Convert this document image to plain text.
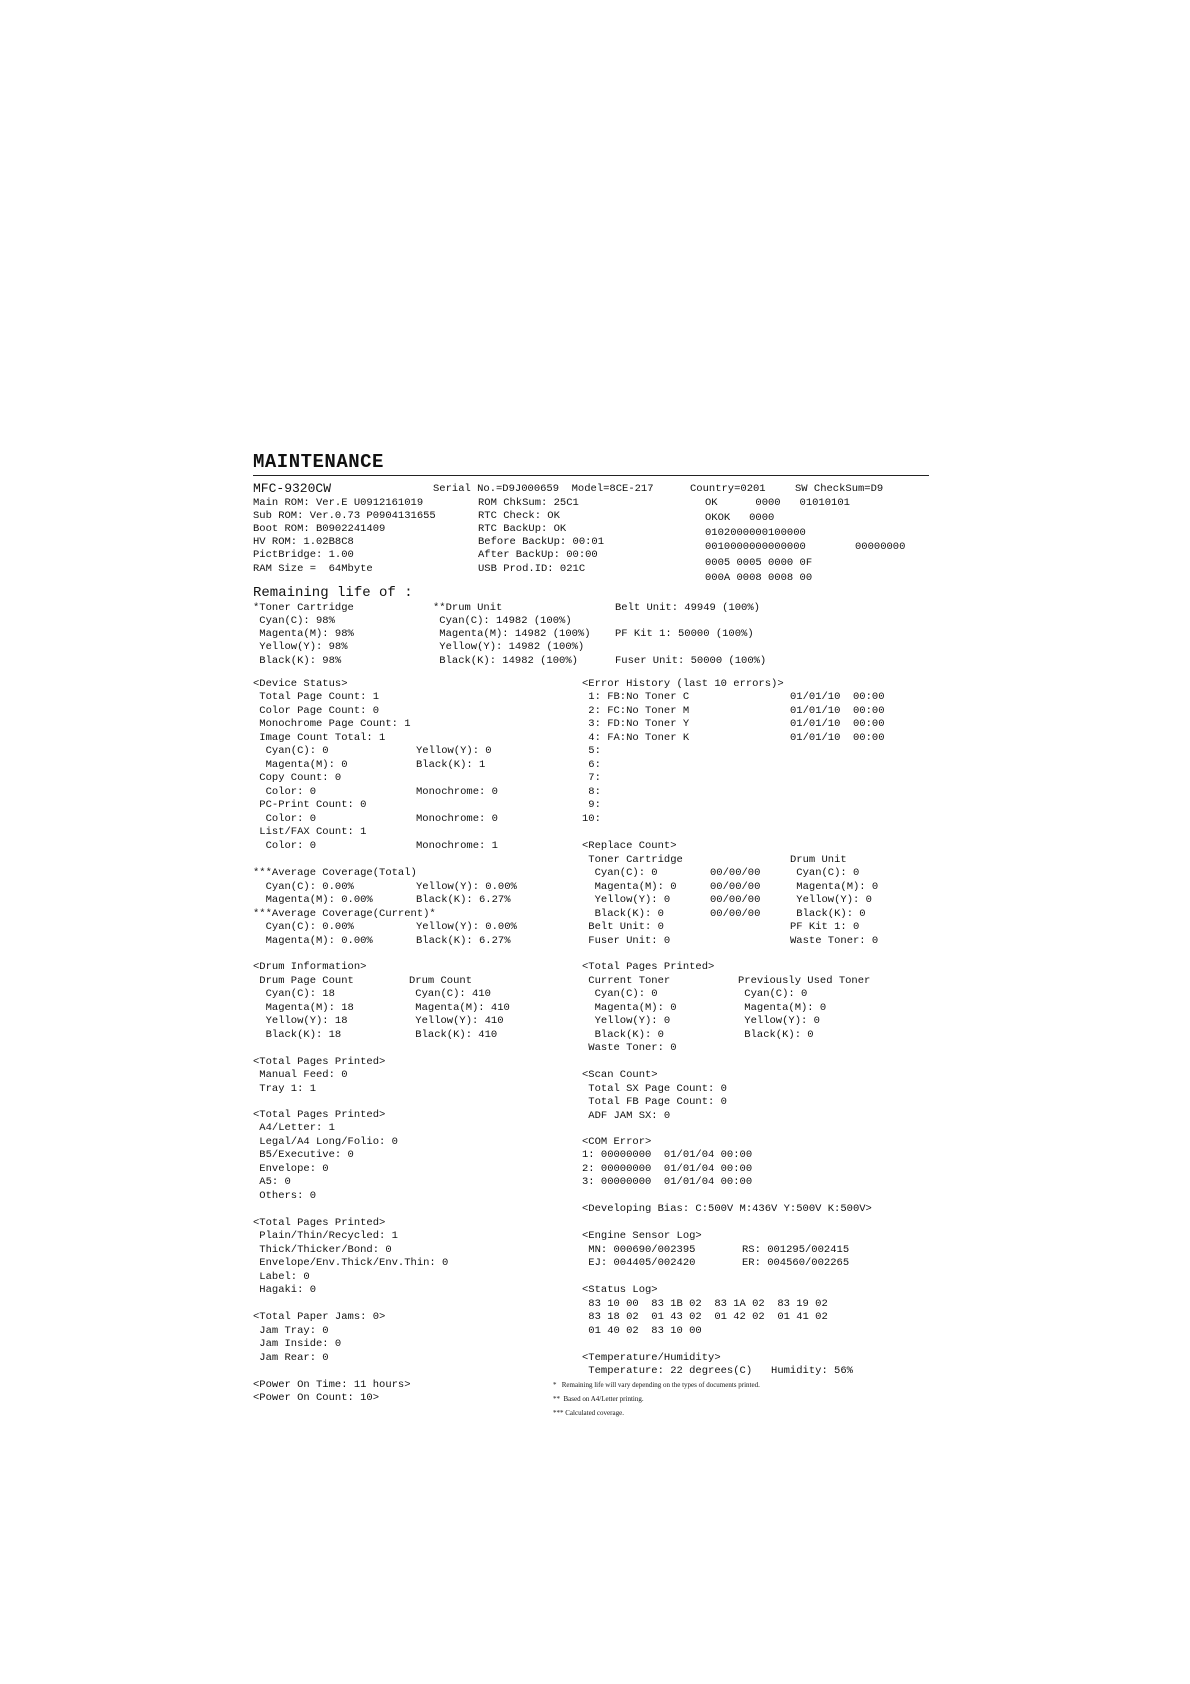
MAINTENANCE
MFC-9320CW
Main ROM: Ver.E U0912161019
Sub ROM: Ver.0.73 P0904131655
Boot ROM: B0902241409
HV ROM: 1.02B8C8
PictBridge: 1.00
RAM Size =  64Mbyte
Serial No.=D9J000659  Model=8CE-217
ROM ChkSum: 25C1
RTC Check: OK
RTC BackUp: OK
Before BackUp: 00:01
After BackUp: 00:00
USB Prod.ID: 021C
Country=0201	SW CheckSum=D9
OK      0000   01010101
OKOK   0000
0102000000100000
0010000000000000
0005 0005 0000 0F
000A 0008 0008 00
00000000
Remaining life of :
*Toner Cartridge
Cyan(C): 98%
Magenta(M): 98%
Yellow(Y): 98%
Black(K): 98%
**Drum Unit
Cyan(C): 14982 (100%)
Magenta(M): 14982 (100%)
Yellow(Y): 14982 (100%)
Black(K): 14982 (100%)
Belt Unit: 49949 (100%)
PF Kit 1: 50000 (100%)
Fuser Unit: 50000 (100%)
<Device Status>
Total Page Count: 1
Color Page Count: 0
Monochrome Page Count: 1
Image Count Total: 1
Cyan(C): 0
Magenta(M): 0
Copy Count: 0
Color: 0
PC-Print Count: 0
Color: 0
List/FAX Count: 1
Color: 0
Yellow(Y): 0
Black(K): 1
Monochrome: 0
Monochrome: 0
Monochrome: 1
<Error History (last 10 errors)>
1: FB:No Toner C
2: FC:No Toner M
3: FD:No Toner Y
4: FA:No Toner K
5:
6:
7:
8:
9:
10:
01/01/10  00:00
01/01/10  00:00
01/01/10  00:00
01/01/10  00:00
***Average Coverage(Total)
Cyan(C): 0.00%
Magenta(M): 0.00%
***Average Coverage(Current)*
Cyan(C): 0.00%
Magenta(M): 0.00%
Yellow(Y): 0.00%
Black(K): 6.27%
Yellow(Y): 0.00%
Black(K): 6.27%
<Replace Count>
Toner Cartridge
Cyan(C): 0
Magenta(M): 0
Yellow(Y): 0
Black(K): 0
Belt Unit: 0
Fuser Unit: 0
00/00/00
00/00/00
00/00/00
00/00/00
Drum Unit
Cyan(C): 0
Magenta(M): 0
Yellow(Y): 0
Black(K): 0
PF Kit 1: 0
Waste Toner: 0
<Drum Information>
Drum Page Count
Cyan(C): 18
Magenta(M): 18
Yellow(Y): 18
Black(K): 18
Drum Count
Cyan(C): 410
Magenta(M): 410
Yellow(Y): 410
Black(K): 410
<Total Pages Printed>
Current Toner
Cyan(C): 0
Magenta(M): 0
Yellow(Y): 0
Black(K): 0
Waste Toner: 0
Previously Used Toner
Cyan(C): 0
Magenta(M): 0
Yellow(Y): 0
Black(K): 0
<Total Pages Printed>
Manual Feed: 0
Tray 1: 1
<Scan Count>
Total SX Page Count: 0
Total FB Page Count: 0
ADF JAM SX: 0
<Total Pages Printed>
A4/Letter: 1
Legal/A4 Long/Folio: 0
B5/Executive: 0
Envelope: 0
A5: 0
Others: 0
<COM Error>
1: 00000000  01/01/04 00:00
2: 00000000  01/01/04 00:00
3: 00000000  01/01/04 00:00
<Developing Bias: C:500V M:436V Y:500V K:500V>
<Total Pages Printed>
Plain/Thin/Recycled: 1
Thick/Thicker/Bond: 0
Envelope/Env.Thick/Env.Thin: 0
Label: 0
Hagaki: 0
<Engine Sensor Log>
MN: 000690/002395
EJ: 004405/002420
RS: 001295/002415
ER: 004560/002265
<Status Log>
83 10 00  83 1B 02  83 1A 02  83 19 02
83 18 02  01 43 02  01 42 02  01 41 02
01 40 02  83 10 00
<Total Paper Jams: 0>
Jam Tray: 0
Jam Inside: 0
Jam Rear: 0	<Temperature/Humidity>
Temperature: 22 degrees(C)   Humidity: 56%
<Power On Time: 11 hours>
<Power On Count: 10>
*   Remaining life will vary depending on the types of documents printed.
**  Based on A4/Letter printing.
*** Calculated coverage.
